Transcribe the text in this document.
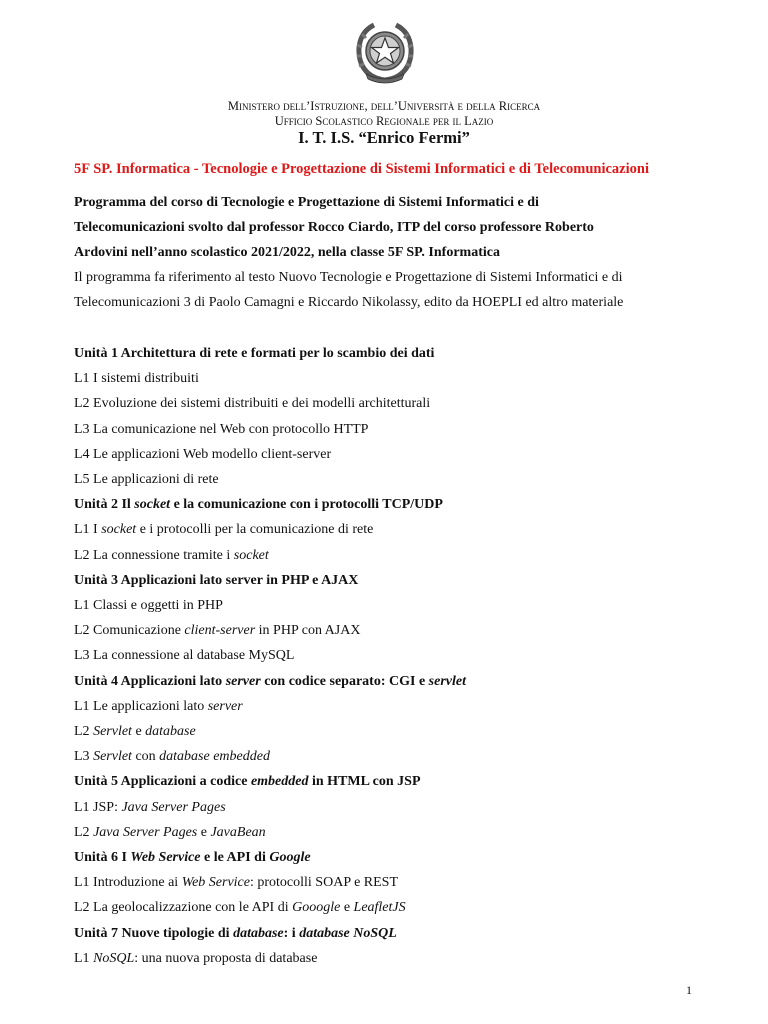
Ministero dell’Istruzione, dell’Università e della Ricerca
Ufficio Scolastico Regionale per il Lazio
I. T. I.S. “Enrico Fermi”
5F SP. Informatica - Tecnologie e Progettazione di Sistemi Informatici e di Telecomunicazioni
Programma del corso di Tecnologie e Progettazione di Sistemi Informatici e di
Telecomunicazioni svolto dal professor Rocco Ciardo, ITP del corso professore Roberto
Ardovini nell’anno scolastico 2021/2022, nella classe 5F SP. Informatica
Il programma fa riferimento al testo Nuovo Tecnologie e Progettazione di Sistemi Informatici e di
Telecomunicazioni 3 di Paolo Camagni e Riccardo Nikolassy, edito da HOEPLI ed altro materiale
Unità 1 Architettura di rete e formati per lo scambio dei dati
L1 I sistemi distribuiti
L2 Evoluzione dei sistemi distribuiti e dei modelli architetturali
L3 La comunicazione nel Web con protocollo HTTP
L4 Le applicazioni Web modello client-server
L5 Le applicazioni di rete
Unità 2 Il socket e la comunicazione con i protocolli TCP/UDP
L1 I socket e i protocolli per la comunicazione di rete
L2 La connessione tramite i socket
Unità 3 Applicazioni lato server in PHP e AJAX
L1 Classi e oggetti in PHP
L2 Comunicazione client-server in PHP con AJAX
L3 La connessione al database MySQL
Unità 4 Applicazioni lato server con codice separato: CGI e servlet
L1 Le applicazioni lato server
L2 Servlet e database
L3 Servlet con database embedded
Unità 5 Applicazioni a codice embedded in HTML con JSP
L1 JSP: Java Server Pages
L2 Java Server Pages e JavaBean
Unità 6 I Web Service e le API di Google
L1 Introduzione ai Web Service: protocolli SOAP e REST
L2 La geolocalizzazione con le API di Gooogle e LeafletJS
Unità 7 Nuove tipologie di database: i database NoSQL
L1 NoSQL: una nuova proposta di database
1
